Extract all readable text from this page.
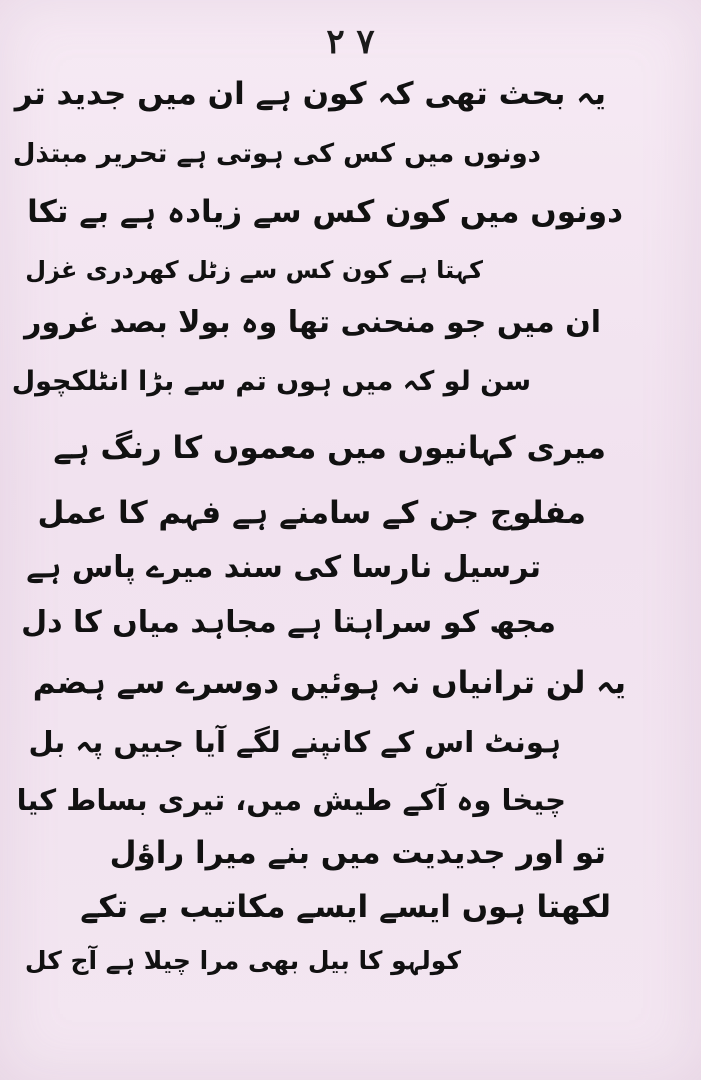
۲ ۷
یہ بحث تھی کہ کون ہے ان میں جدید تر
دونوں میں کس کی ہوتی ہے تحریر مبتذل
دونوں میں کون کس سے زیادہ ہے بے تکا
کہتا ہے کون کس سے زٹل کھردری غزل
ان میں جو منحنی تھا وہ بولا بصد غرور
سن لو کہ میں ہوں تم سے بڑا انٹلکچول
میری کہانیوں میں معموں کا رنگ ہے
مفلوج جن کے سامنے ہے فہم کا عمل
ترسیل نارسا کی سند میرے پاس ہے
مجھ کو سراہتا ہے مجاہد میاں کا دل
یہ لن ترانیاں نہ ہوئیں دوسرے سے ہضم
ہونٹ اس کے کانپنے لگے آیا جبیں پہ بل
چیخا وہ آکے طیش میں، تیری بساط کیا
تو اور جدیدیت میں بنے میرا راؤل
لکھتا ہوں ایسے ایسے مکاتیب بے تکے
کولہو کا بیل بھی مرا چیلا ہے آج کل
